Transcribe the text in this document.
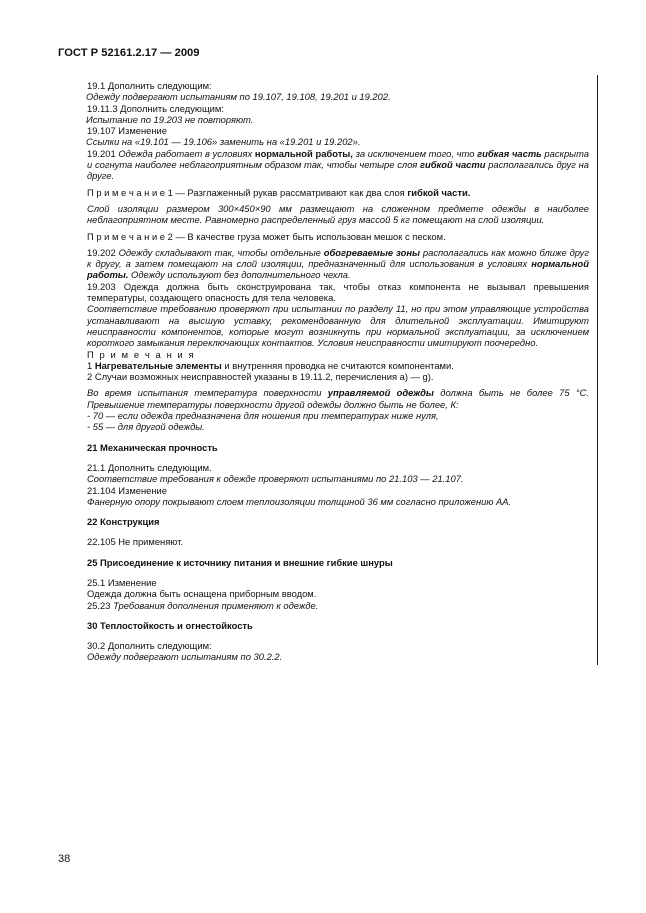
ГОСТ Р 52161.2.17 — 2009

19.1 Дополнить следующим:

Одежду подвергают испытаниям по 19.107, 19.108, 19.201 и 19.202.

19.11.3 Дополнить следующим:

Испытание по 19.203 не повторяют.

19.107 Изменение

Ссылки на «19.101 — 19.106» заменить на «19.201 и 19.202».

19.201 Одежда работает в условиях нормальной работы, за исключением того, что гибкая часть раскрыта и согнута наиболее неблагоприятным образом так, чтобы четыре слоя гибкой части располагались друг на друге.

П р и м е ч а н и е 1 — Разглаженный рукав рассматривают как два слоя гибкой части.

Слой изоляции размером 300×450×90 мм размещают на сложенном предмете одежды в наиболее неблагоприятном месте. Равномерно распределенный груз массой 5 кг помещают на слой изоляции.

П р и м е ч а н и е 2 — В качестве груза может быть использован мешок с песком.

19.202 Одежду складывают так, чтобы отдельные обогреваемые зоны располагались как можно ближе друг к другу, а затем помещают на слой изоляции, предназначенный для использования в условиях нормальной работы. Одежду используют без дополнительного чехла.

19.203 Одежда должна быть сконструирована так, чтобы отказ компонента не вызывал превышения температуры, создающего опасность для тела человека.

Соответствие требованию проверяют при испытании по разделу 11, но при этом управляющие устройства устанавливают на высшую уставку, рекомендованную для длительной эксплуатации. Имитируют неисправности компонентов, которые могут возникнуть при нормальной эксплуатации, за исключением короткого замыкания переключающих контактов. Условия неисправности имитируют поочередно.

П р и м е ч а н и я

1 Нагревательные элементы и внутренняя проводка не считаются компонентами.

2 Случаи возможных неисправностей указаны в 19.11.2, перечисления а) — g).

Во время испытания температура поверхности управляемой одежды должна быть не более 75 °С. Превышение температуры поверхности другой одежды должно быть не более, К:

- 70 — если одежда предназначена для ношения при температурах ниже нуля,

- 55 — для другой одежды.

21 Механическая прочность

21.1 Дополнить следующим.

Соответствие требования к одежде проверяют испытаниями по 21.103 — 21.107.

21.104 Изменение

Фанерную опору покрывают слоем теплоизоляции толщиной 36 мм согласно приложению АА.

22 Конструкция

22.105 Не применяют.

25 Присоединение к источнику питания и внешние гибкие шнуры

25.1 Изменение

Одежда должна быть оснащена приборным вводом.

25.23 Требования дополнения применяют к одежде.

30 Теплостойкость и огнестойкость

30.2 Дополнить следующим:

Одежду подвергают испытаниям по 30.2.2.

38
